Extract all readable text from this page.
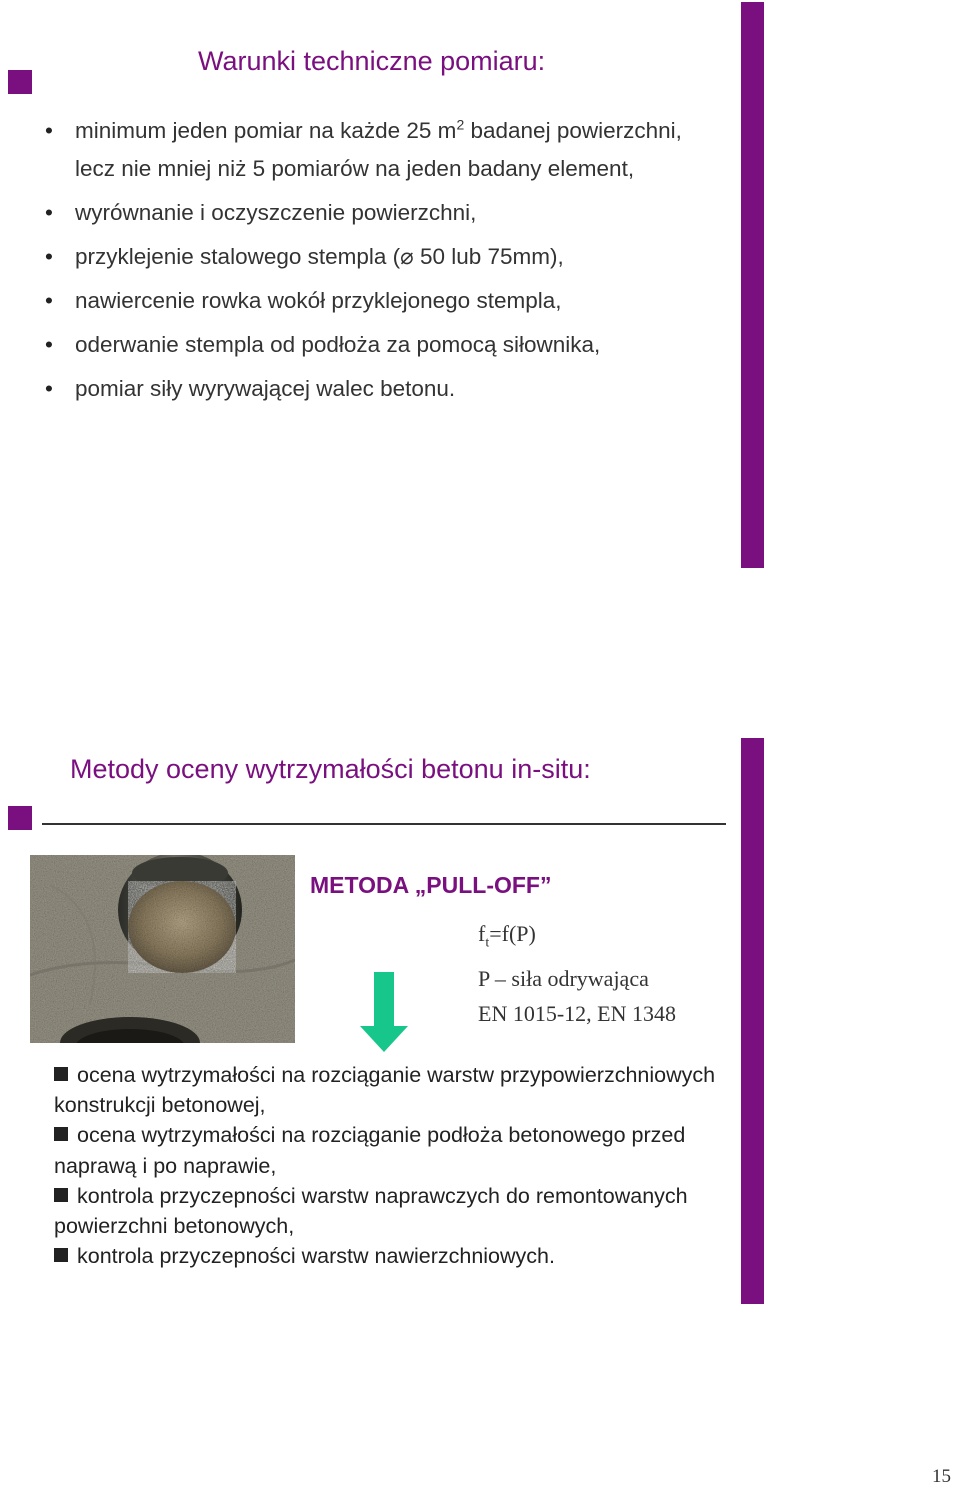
Warunki techniczne pomiaru:
• minimum jeden pomiar na każde 25 $m^2$ badanej powierzchni, lecz nie mniej niż 5 pomiarów na jeden badany element,
• wyrównanie i oczyszczenie powierzchni,
• przyklejenie stalowego stempla (⌀ 50 lub 75mm),
• nawiercenie rowka wokół przyklejonego stempla,
• oderwanie stempla od podłoża za pomocą siłownika,
• pomiar siły wyrywającej walec betonu.
Metody oceny wytrzymałości betonu in-situ:
METODA „PULL-OFF”
$f_t=f(P)$
P – siła odrywająca
EN 1015-12, EN 1348

ocena wytrzymałości na rozciąganie warstw przypowierzchniowych konstrukcji betonowej,

ocena wytrzymałości na rozciąganie podłoża betonowego przed naprawą i po naprawie,

kontrola przyczepności warstw naprawczych do remontowanych powierzchni betonowych,

kontrola przyczepności warstw nawierzchniowych.

15
